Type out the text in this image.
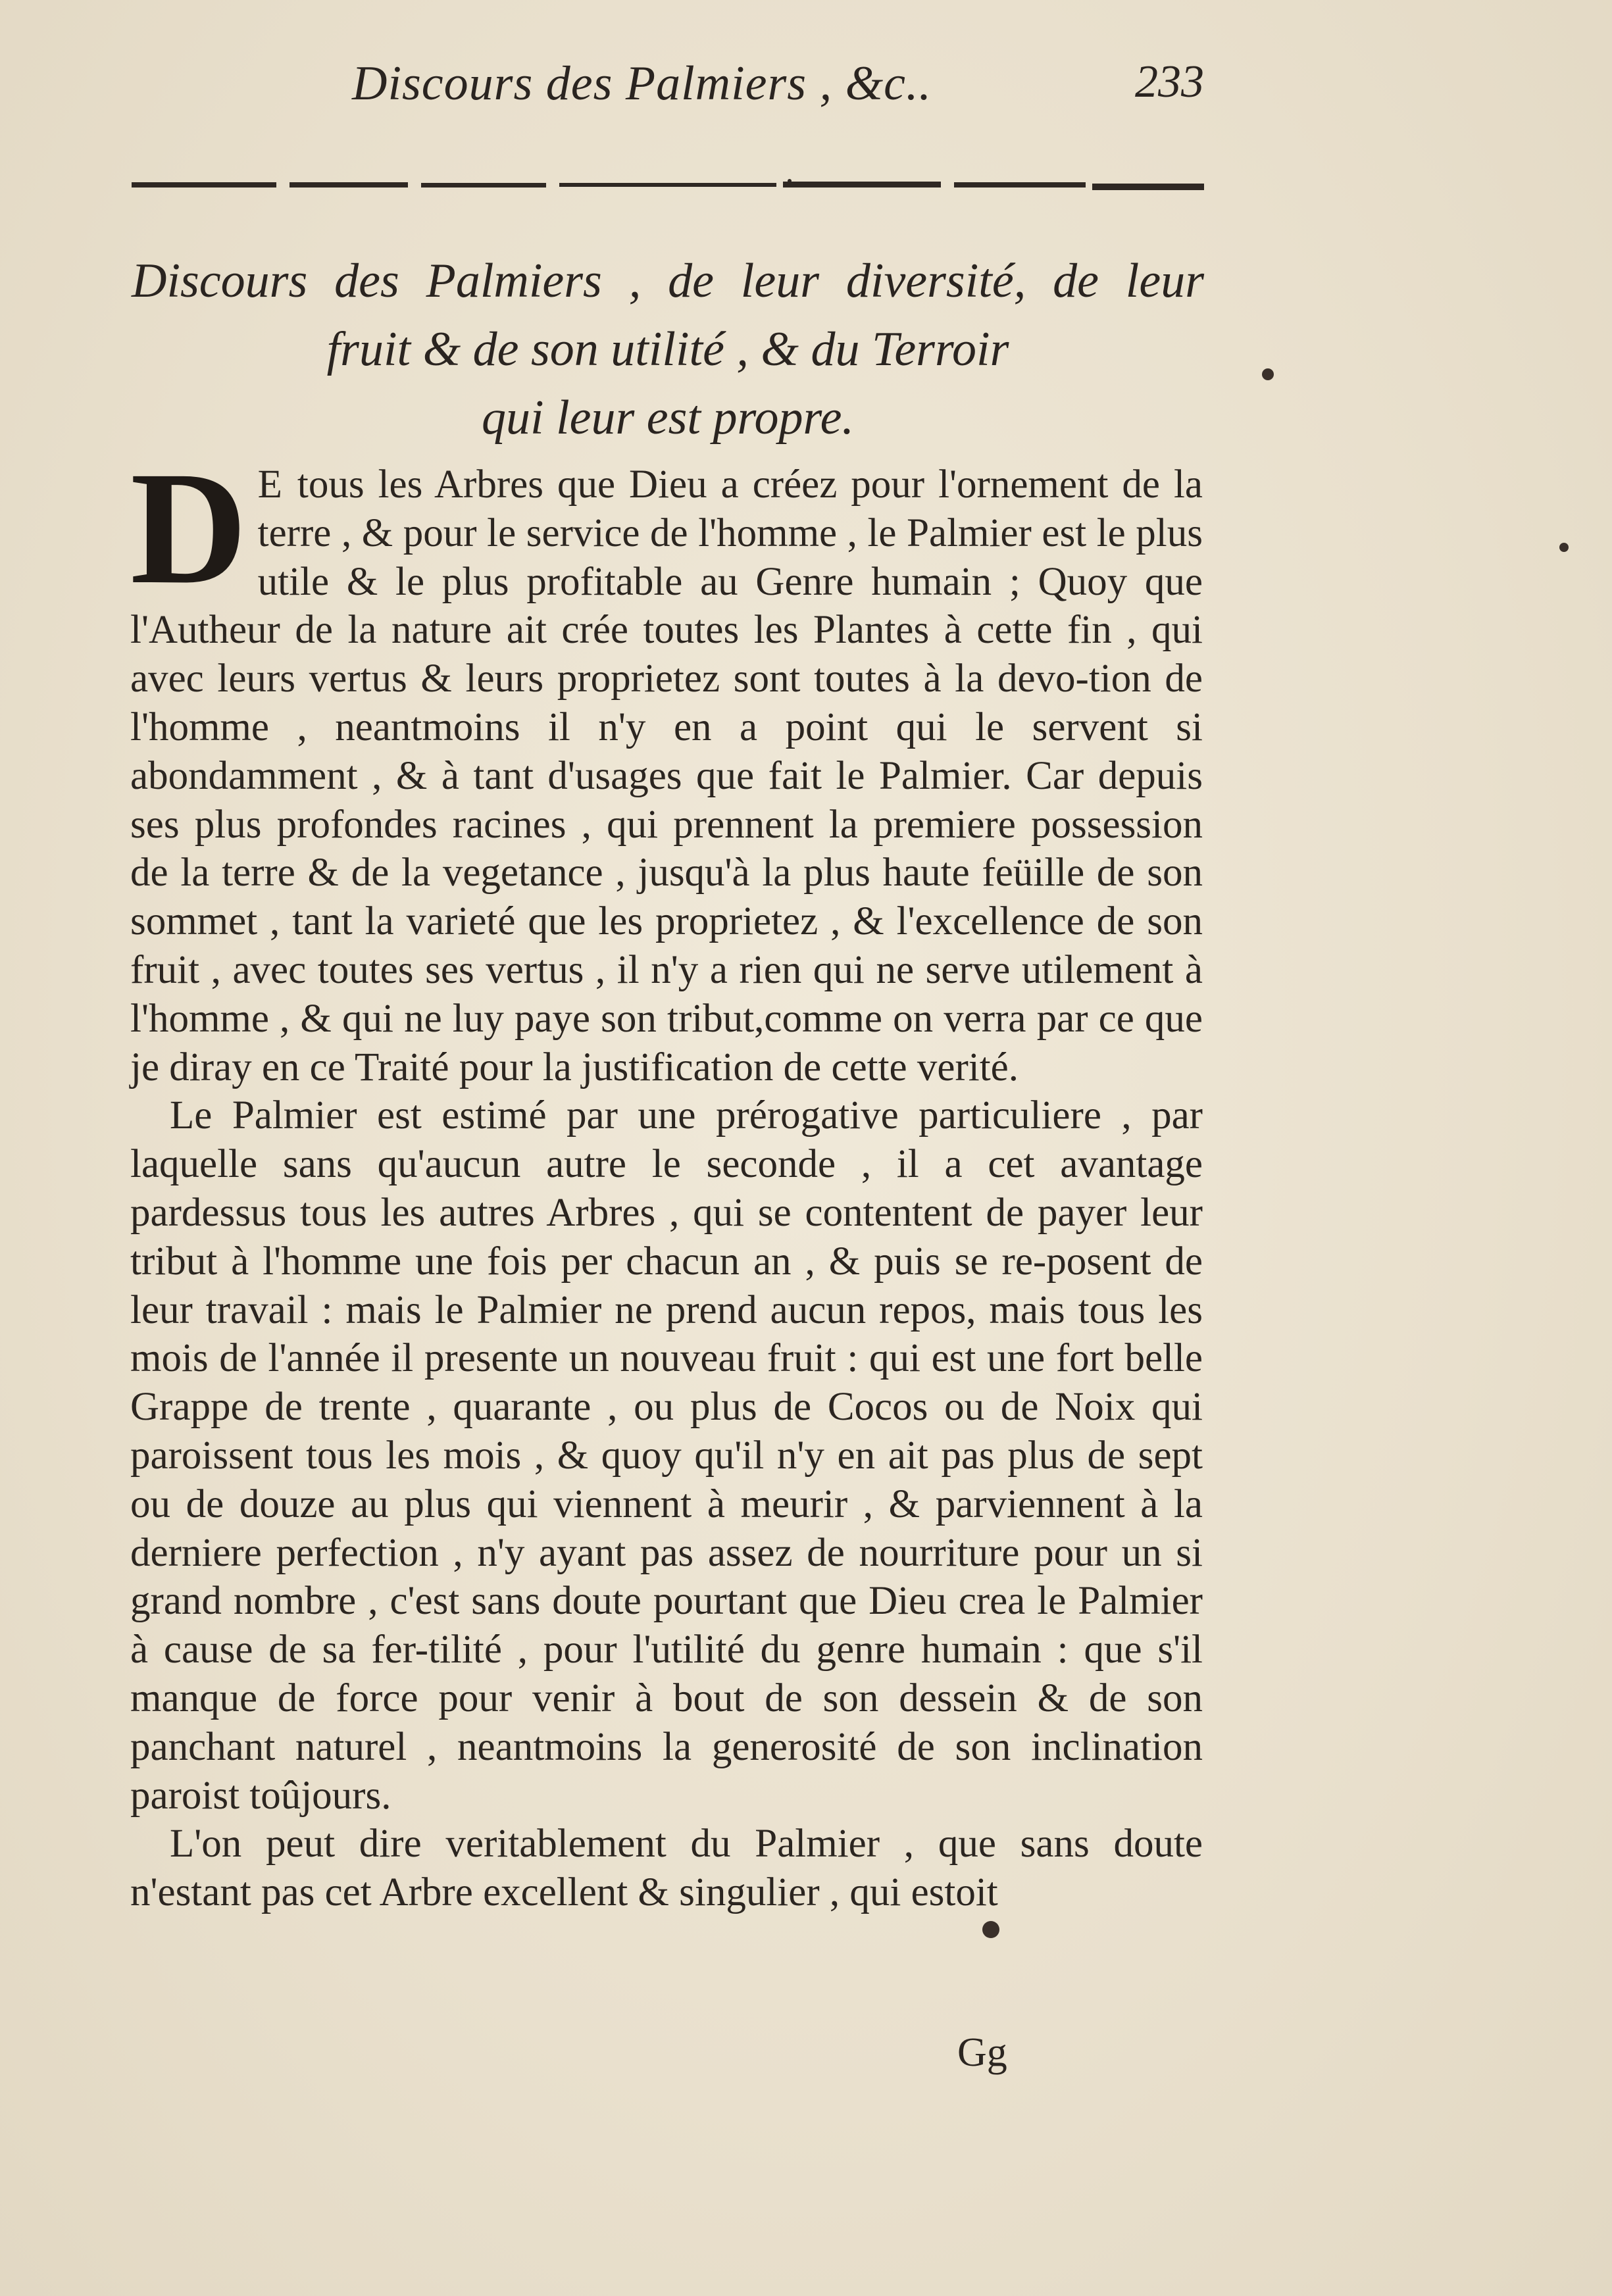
Discours des Palmiers , &c..	233
Discours des Palmiers , de leur diversité, de leur
fruit & de son utilité , & du Terroir
qui leur est propre.

D E tous les Arbres que Dieu a créez pour l'ornement de la terre , & pour le service de l'homme , le Palmier est le plus utile & le plus profitable au Genre humain ; Quoy que l'Autheur de la nature ait crée toutes les Plantes à cette fin , qui avec leurs vertus & leurs proprietez sont toutes à la devo-tion de l'homme , neantmoins il n'y en a point qui le servent si abondamment , & à tant d'usages que fait le Palmier. Car depuis ses plus profondes racines , qui prennent la premiere possession de la terre & de la vegetance , jusqu'à la plus haute feüille de son sommet , tant la varieté que les proprietez , & l'excellence de son fruit , avec toutes ses vertus , il n'y a rien qui ne serve utilement à l'homme , & qui ne luy paye son tribut,comme on verra par ce que je diray en ce Traité pour la justification de cette verité.

Le Palmier est estimé par une prérogative particuliere , par laquelle sans qu'aucun autre le seconde , il a cet avantage pardessus tous les autres Arbres , qui se contentent de payer leur tribut à l'homme une fois per chacun an , & puis se re-posent de leur travail : mais le Palmier ne prend aucun repos, mais tous les mois de l'année il presente un nouveau fruit : qui est une fort belle Grappe de trente , quarante , ou plus de Cocos ou de Noix qui paroissent tous les mois , & quoy qu'il n'y en ait pas plus de sept ou de douze au plus qui viennent à meurir , & parviennent à la derniere perfection , n'y ayant pas assez de nourriture pour un si grand nombre , c'est sans doute pourtant que Dieu crea le Palmier à cause de sa fer-tilité , pour l'utilité du genre humain : que s'il manque de force pour venir à bout de son dessein & de son panchant naturel , neantmoins la generosité de son inclination paroist toûjours.

L'on peut dire veritablement du Palmier , que sans doute n'estant pas cet Arbre excellent & singulier , qui estoit

Gg
